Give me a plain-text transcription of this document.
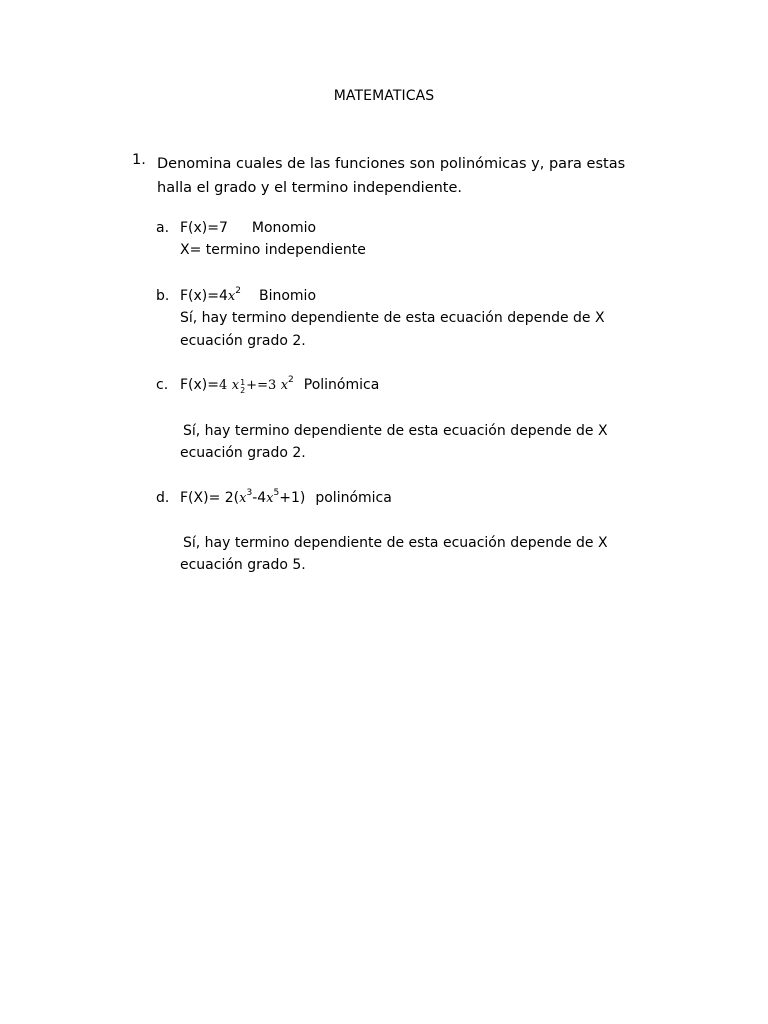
MATEMATICAS
1. Denomina cuales de las funciones son polinómicas y, para estas
halla el grado y el termino independiente.
a. F(x)=7 Monomio
X= termino independiente
b. $F(x)=4x^2$ Binomio
Sí, hay termino dependiente de esta ecuación depende de X
ecuación grado 2.
c. F(x)=4 x 1
2 +=3 $x^2$ Polinómica
Sí, hay termino dependiente de esta ecuación depende de X
ecuación grado 2.
d. $F(X)= 2(x^3-4x^5+1)$ polinómica
Sí, hay termino dependiente de esta ecuación depende de X
ecuación grado 5.
